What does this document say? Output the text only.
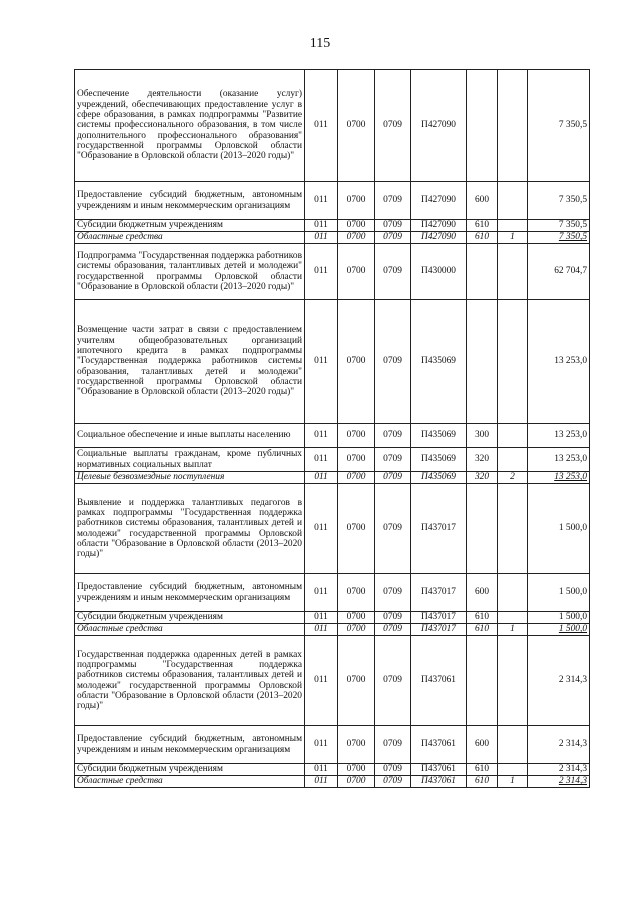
115
Обеспечение деятельности (оказание услуг) учреждений, обеспечивающих предоставление услуг в сфере образования, в рамках подпрограммы "Развитие системы профессионального образования, в том числе дополнительного профессионального образования" государственной программы Орловской области "Образование в Орловской области (2013–2020 годы)"	011	0700	0709	П427090			7 350,5
Предоставление субсидий бюджетным, автономным учреждениям и иным некоммерческим организациям	011	0700	0709	П427090	600		7 350,5
Субсидии бюджетным учреждениям	011	0700	0709	П427090	610		7 350,5
Областные средства	011	0700	0709	П427090	610	1	7 350,5
Подпрограмма "Государственная поддержка работников системы образования, талантливых детей и молодежи" государственной программы Орловской области "Образование в Орловской области (2013–2020 годы)"	011	0700	0709	П430000			62 704,7
Возмещение части затрат в связи с предоставлением учителям общеобразовательных организаций ипотечного кредита в рамках подпрограммы "Государственная поддержка работников системы образования, талантливых детей и молодежи" государственной программы Орловской области "Образование в Орловской области (2013–2020 годы)"	011	0700	0709	П435069			13 253,0
Социальное обеспечение и иные выплаты населению	011	0700	0709	П435069	300		13 253,0
Социальные выплаты гражданам, кроме публичных нормативных социальных выплат	011	0700	0709	П435069	320		13 253,0
Целевые безвозмездные поступления	011	0700	0709	П435069	320	2	13 253,0
Выявление и поддержка талантливых педагогов в рамках подпрограммы "Государственная поддержка работников системы образования, талантливых детей и молодежи" государственной программы Орловской области "Образование в Орловской области (2013–2020 годы)"	011	0700	0709	П437017			1 500,0
Предоставление субсидий бюджетным, автономным учреждениям и иным некоммерческим организациям	011	0700	0709	П437017	600		1 500,0
Субсидии бюджетным учреждениям	011	0700	0709	П437017	610		1 500,0
Областные средства	011	0700	0709	П437017	610	1	1 500,0
Государственная поддержка одаренных детей в рамках подпрограммы "Государственная поддержка работников системы образования, талантливых детей и молодежи" государственной программы Орловской области "Образование в Орловской области (2013–2020 годы)"	011	0700	0709	П437061			2 314,3
Предоставление субсидий бюджетным, автономным учреждениям и иным некоммерческим организациям	011	0700	0709	П437061	600		2 314,3
Субсидии бюджетным учреждениям	011	0700	0709	П437061	610		2 314,3
Областные средства	011	0700	0709	П437061	610	1	2 314,3
